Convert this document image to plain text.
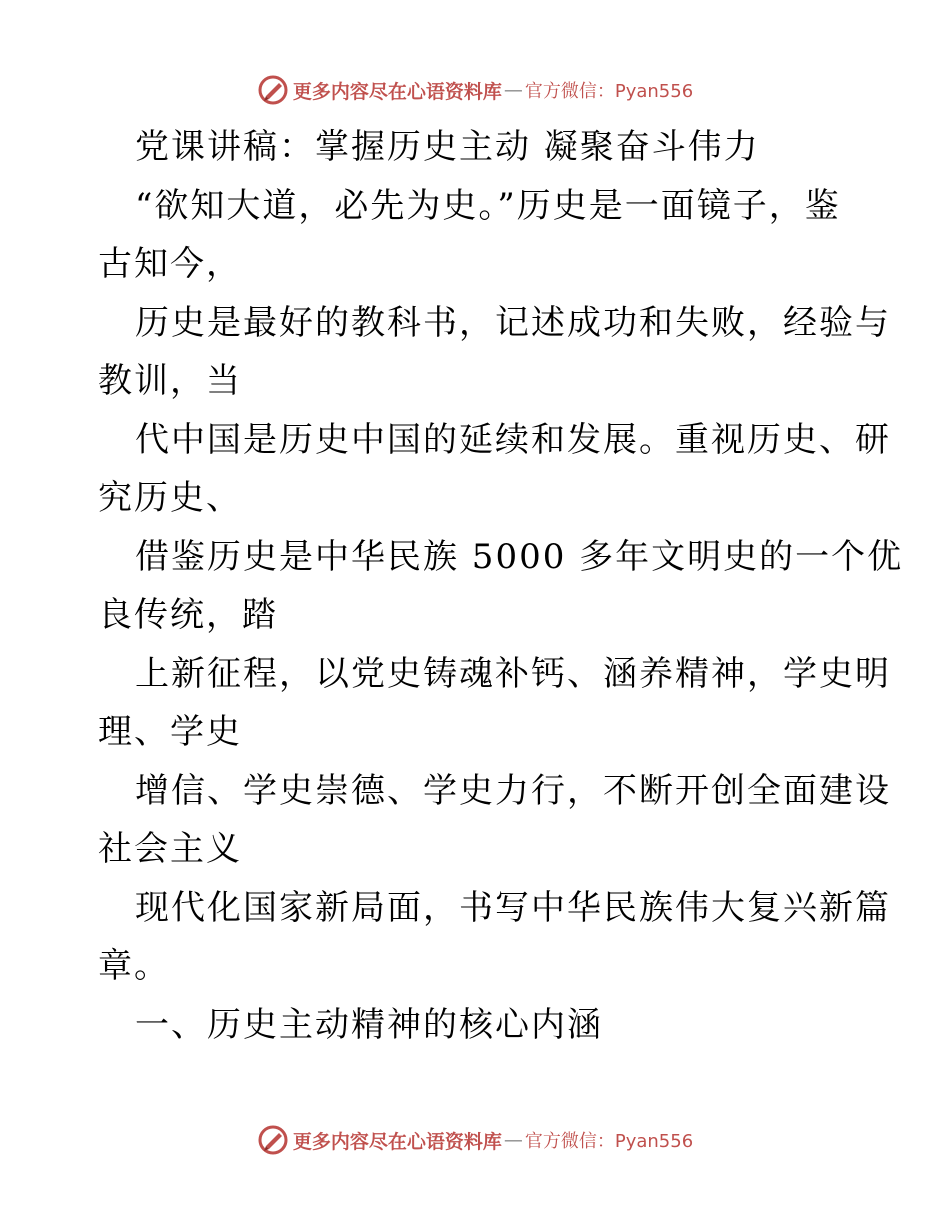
更多内容尽在心语资料库 — 官方微信：Pyan556
党课讲稿：掌握历史主动 凝聚奋斗伟力
“欲知大道，必先为史。”历史是一面镜子，鉴
古知今，
历史是最好的教科书，记述成功和失败，经验与
教训，当
代中国是历史中国的延续和发展。重视历史、研
究历史、
借鉴历史是中华民族 5000 多年文明史的一个优
良传统，踏
上新征程，以党史铸魂补钙、涵养精神，学史明
理、学史
增信、学史崇德、学史力行，不断开创全面建设
社会主义
现代化国家新局面，书写中华民族伟大复兴新篇
章。
一、历史主动精神的核心内涵
更多内容尽在心语资料库 — 官方微信：Pyan556
